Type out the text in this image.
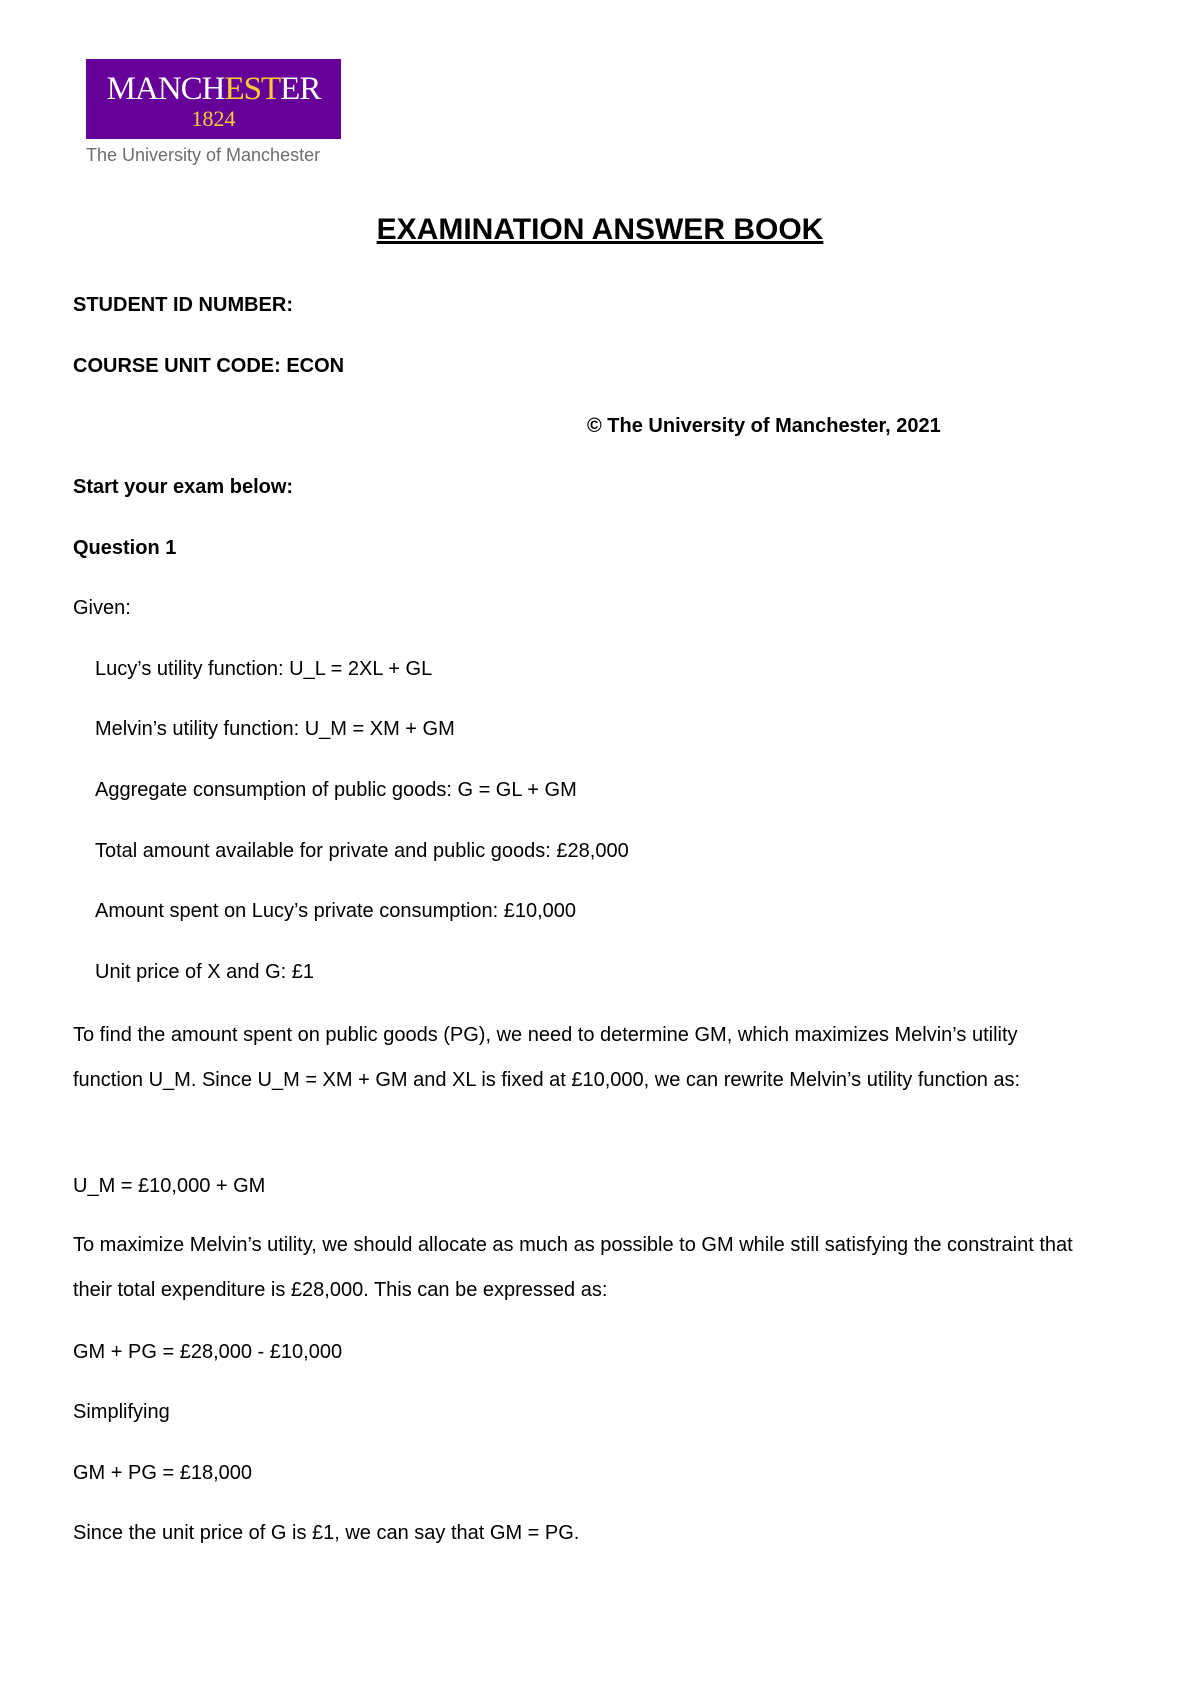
MANCHESTER
1824
The University of Manchester
EXAMINATION ANSWER BOOK
STUDENT ID NUMBER:
COURSE UNIT CODE: ECON
© The University of Manchester, 2021
Start your exam below:
Question 1
Given:
Lucy’s utility function: U_L = 2XL + GL
Melvin’s utility function: U_M = XM + GM
Aggregate consumption of public goods: G = GL + GM
Total amount available for private and public goods: £28,000
Amount spent on Lucy’s private consumption: £10,000
Unit price of X and G: £1
To find the amount spent on public goods (PG), we need to determine GM, which maximizes Melvin’s utility function U_M. Since U_M = XM + GM and XL is fixed at £10,000, we can rewrite Melvin’s utility function as:
U_M = £10,000 + GM
To maximize Melvin’s utility, we should allocate as much as possible to GM while still satisfying the constraint that their total expenditure is £28,000. This can be expressed as:
GM + PG = £28,000 - £10,000
Simplifying
GM + PG = £18,000
Since the unit price of G is £1, we can say that GM = PG.
